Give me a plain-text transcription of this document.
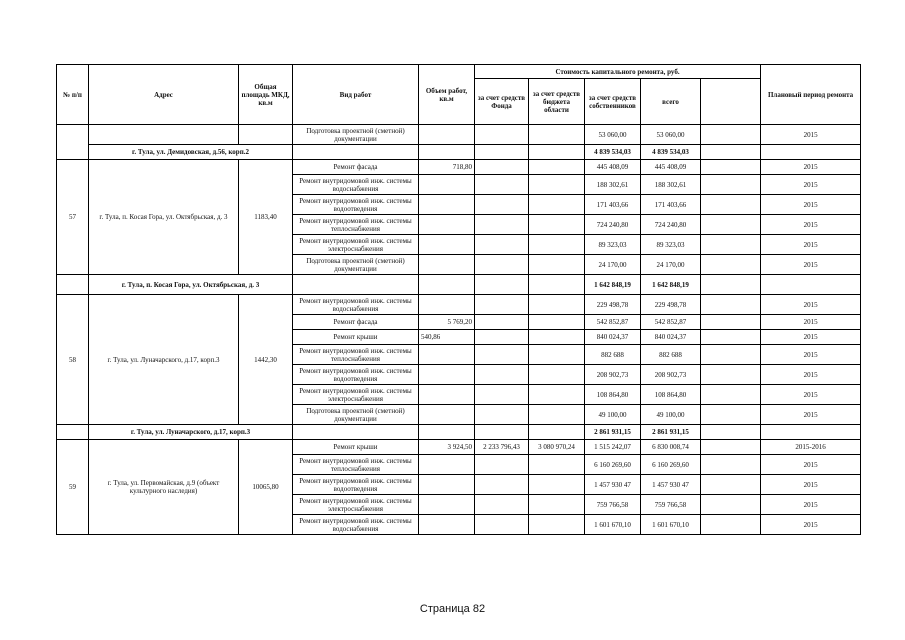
№ п/п	Адрес	Общая площадь МКД, кв.м	Вид работ	Объем работ, кв.м	Стоимость капитального ремонта, руб.					Плановый период ремонта
					за счет средств Фонда	за счет средств бюджета области	за счет средств собственников	всего		
			Подготовка проектной (сметной) документации				53 060,00	53 060,00		2015
	г. Тула, ул. Демидовская, д.56, корп.2						4 839 534,03	4 839 534,03		
57	г. Тула, п. Косая Гора, ул. Октябрьская, д. 3	1183,40	Ремонт фасада	718,80			445 408,09	445 408,09		2015
			Ремонт внутридомовой инж. системы водоснабжения				188 302,61	188 302,61		2015
			Ремонт внутридомовой инж. системы водоотведения				171 403,66	171 403,66		2015
			Ремонт внутридомовой инж. системы теплоснабжения				724 240,80	724 240,80		2015
			Ремонт внутридомовой инж. системы электроснабжения				89 323,03	89 323,03		2015
			Подготовка проектной (сметной) документации				24 170,00	24 170,00		2015
	г. Тула, п. Косая Гора, ул. Октябрьская, д. 3						1 642 848,19	1 642 848,19		
58	г. Тула, ул. Луначарского, д.17, корп.3	1442,30	Ремонт внутридомовой инж. системы водоснабжения				229 498,78	229 498,78		2015
			Ремонт фасада	5 769,20			542 852,87	542 852,87		2015
			Ремонт крыши	540,86			840 024,37	840 024,37		2015
			Ремонт внутридомовой инж. системы теплоснабжения				882 688	882 688		2015
			Ремонт внутридомовой инж. системы водоотведения				208 902,73	208 902,73		2015
			Ремонт внутридомовой инж. системы электроснабжения				108 864,80	108 864,80		2015
			Подготовка проектной (сметной) документации				49 100,00	49 100,00		2015
	г. Тула, ул. Луначарского, д.17, корп.3						2 861 931,15	2 861 931,15		
59	г. Тула, ул. Первомайская, д.9 (объект культурного наследия)	10065,80	Ремонт крыши	3 924,50	2 233 796,43	3 080 970,24	1 515 242,07	6 830 008,74		2015-2016
			Ремонт внутридомовой инж. системы теплоснабжения				6 160 269,60	6 160 269,60		2015
			Ремонт внутридомовой инж. системы водоотведения				1 457 930 47	1 457 930 47		2015
			Ремонт внутридомовой инж. системы электроснабжения				759 766,58	759 766,58		2015
			Ремонт внутридомовой инж. системы водоснабжения				1 601 670,10	1 601 670,10		2015
Страница 82
